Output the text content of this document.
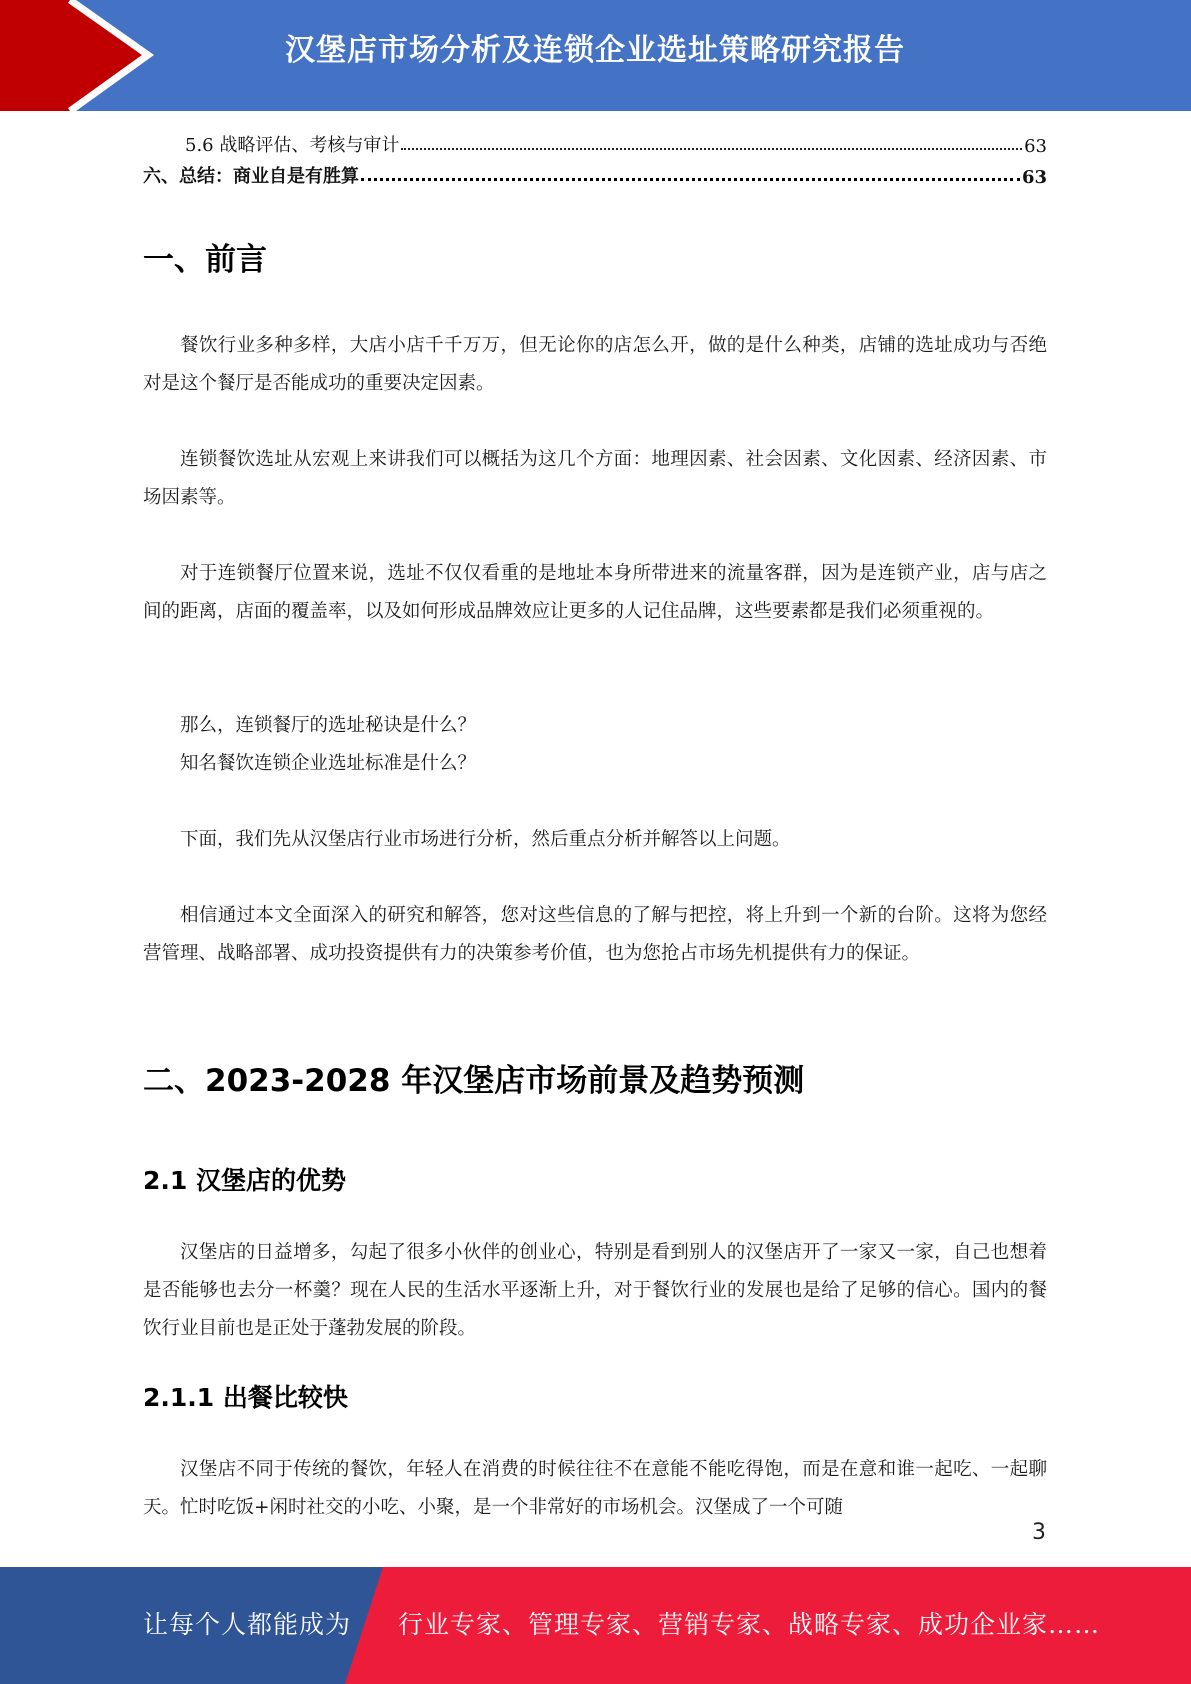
汉堡店市场分析及连锁企业选址策略研究报告
5.6 战略评估、考核与审计	63
六、总结：商业自是有胜算	63
一、前言

餐饮行业多种多样，大店小店千千万万，但无论你的店怎么开，做的是什么种类，店铺的选址成功与否绝对是这个餐厅是否能成功的重要决定因素。

连锁餐饮选址从宏观上来讲我们可以概括为这几个方面：地理因素、社会因素、文化因素、经济因素、市场因素等。

对于连锁餐厅位置来说，选址不仅仅看重的是地址本身所带进来的流量客群，因为是连锁产业，店与店之间的距离，店面的覆盖率，以及如何形成品牌效应让更多的人记住品牌，这些要素都是我们必须重视的。

那么，连锁餐厅的选址秘诀是什么？

知名餐饮连锁企业选址标准是什么？

下面，我们先从汉堡店行业市场进行分析，然后重点分析并解答以上问题。

相信通过本文全面深入的研究和解答，您对这些信息的了解与把控，将上升到一个新的台阶。这将为您经营管理、战略部署、成功投资提供有力的决策参考价值，也为您抢占市场先机提供有力的保证。

二、2023-2028 年汉堡店市场前景及趋势预测
2.1 汉堡店的优势

汉堡店的日益增多，勾起了很多小伙伴的创业心，特别是看到别人的汉堡店开了一家又一家，自己也想着是否能够也去分一杯羹？现在人民的生活水平逐渐上升，对于餐饮行业的发展也是给了足够的信心。国内的餐饮行业目前也是正处于蓬勃发展的阶段。

2.1.1 出餐比较快

汉堡店不同于传统的餐饮，年轻人在消费的时候往往不在意能不能吃得饱，而是在意和谁一起吃、一起聊天。忙时吃饭+闲时社交的小吃、小聚，是一个非常好的市场机会。汉堡成了一个可随

3
让每个人都能成为 行业专家、管理专家、营销专家、战略专家、成功企业家……
